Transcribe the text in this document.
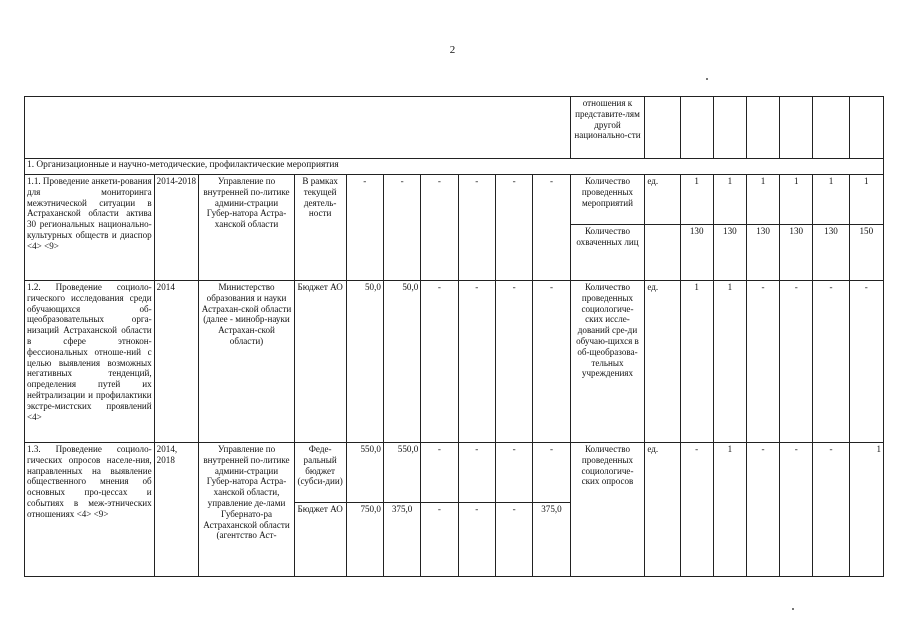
2
										отношения к представите-лям другой национально-сти							
1. Организационные и научно-методические, профилактические мероприятия																	
1.1. Проведение анкети-рования для мониторинга межэтнической ситуации в Астраханской области актива 30 региональных национально-культурных обществ и диаспор <4> <9>	2014-2018	Управление по внутренней по-литике админи-страции Губер-натора Астра-ханской области	В рамках текущей деятель-ности	-	-	-	-	-	-	Количество проведенных мероприятий	ед.	1	1	1	1	1	1
										Количество охваченных лиц		130	130	130	130	130	150
1.2. Проведение социоло-гического исследования среди обучающихся об-щеобразовательных орга-низаций Астраханской области в сфере этнокон-фессиональных отноше-ний с целью выявления возможных негативных тенденций, определения путей их нейтрализации и профилактики экстре-мистских проявлений <4>	2014	Министерство образования и науки Астрахан-ской области (далее - минобр-науки Астрахан-ской области)	Бюджет АО	50,0	50,0	-	-	-	-	Количество проведенных социологиче-ских иссле-дований сре-ди обучаю-щихся в об-щеобразова-тельных учреждениях	ед.	1	1	-	-	-	-
1.3. Проведение социоло-гических опросов населе-ния, направленных на выявление общественного мнения об основных про-цессах и событиях в меж-этнических отношениях <4> <9>	2014, 2018	Управление по внутренней по-литике админи-страции Губер-натора Астра-ханской области, управление де-лами Губернато-ра Астраханской области (агентство Аст-	Феде-ральный бюджет (субси-дии)	550,0	550,0	-	-	-	-	Количество проведенных социологиче-ских опросов	ед.	-	1	-	-	-	1
			Бюджет АО	750,0	375,0	-	-	-	375,0								
